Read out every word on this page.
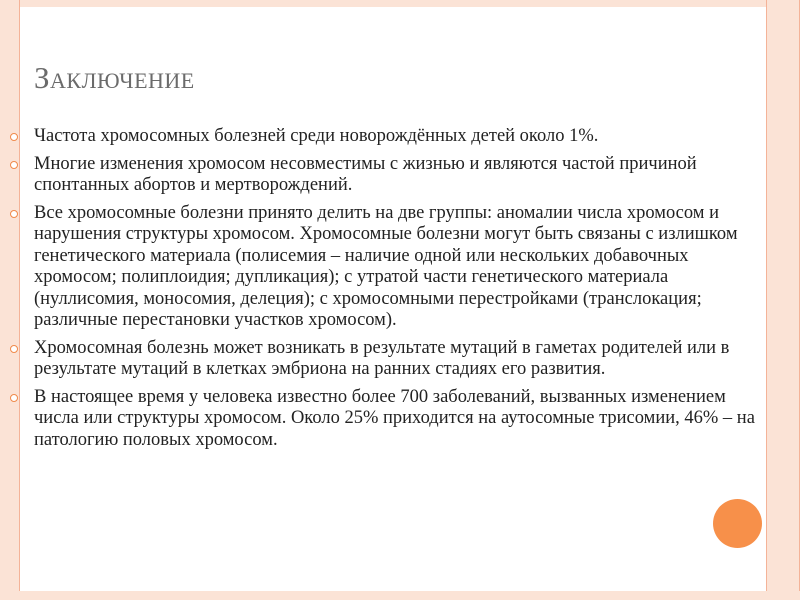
Заключение
Частота хромосомных болезней среди новорождённых детей около 1%.
Многие изменения хромосом несовместимы с жизнью и являются частой причиной спонтанных абортов и мертворождений.
Все хромосомные болезни принято делить на две группы: аномалии числа хромосом и нарушения структуры хромосом. Хромосомные болезни могут быть связаны с излишком генетического материала (полисемия – наличие одной или нескольких добавочных хромосом; полиплоидия; дупликация); с утратой части генетического материала (нуллисомия, моносомия, делеция); с хромосомными перестройками (транслокация; различные перестановки участков хромосом).
Хромосомная болезнь может возникать в результате мутаций в гаметах родителей или в результате мутаций в клетках эмбриона на ранних стадиях его развития.
В настоящее время у человека известно более 700 заболеваний, вызванных изменением числа или структуры хромосом. Около 25% приходится на аутосомные трисомии, 46% – на патологию половых хромосом.
